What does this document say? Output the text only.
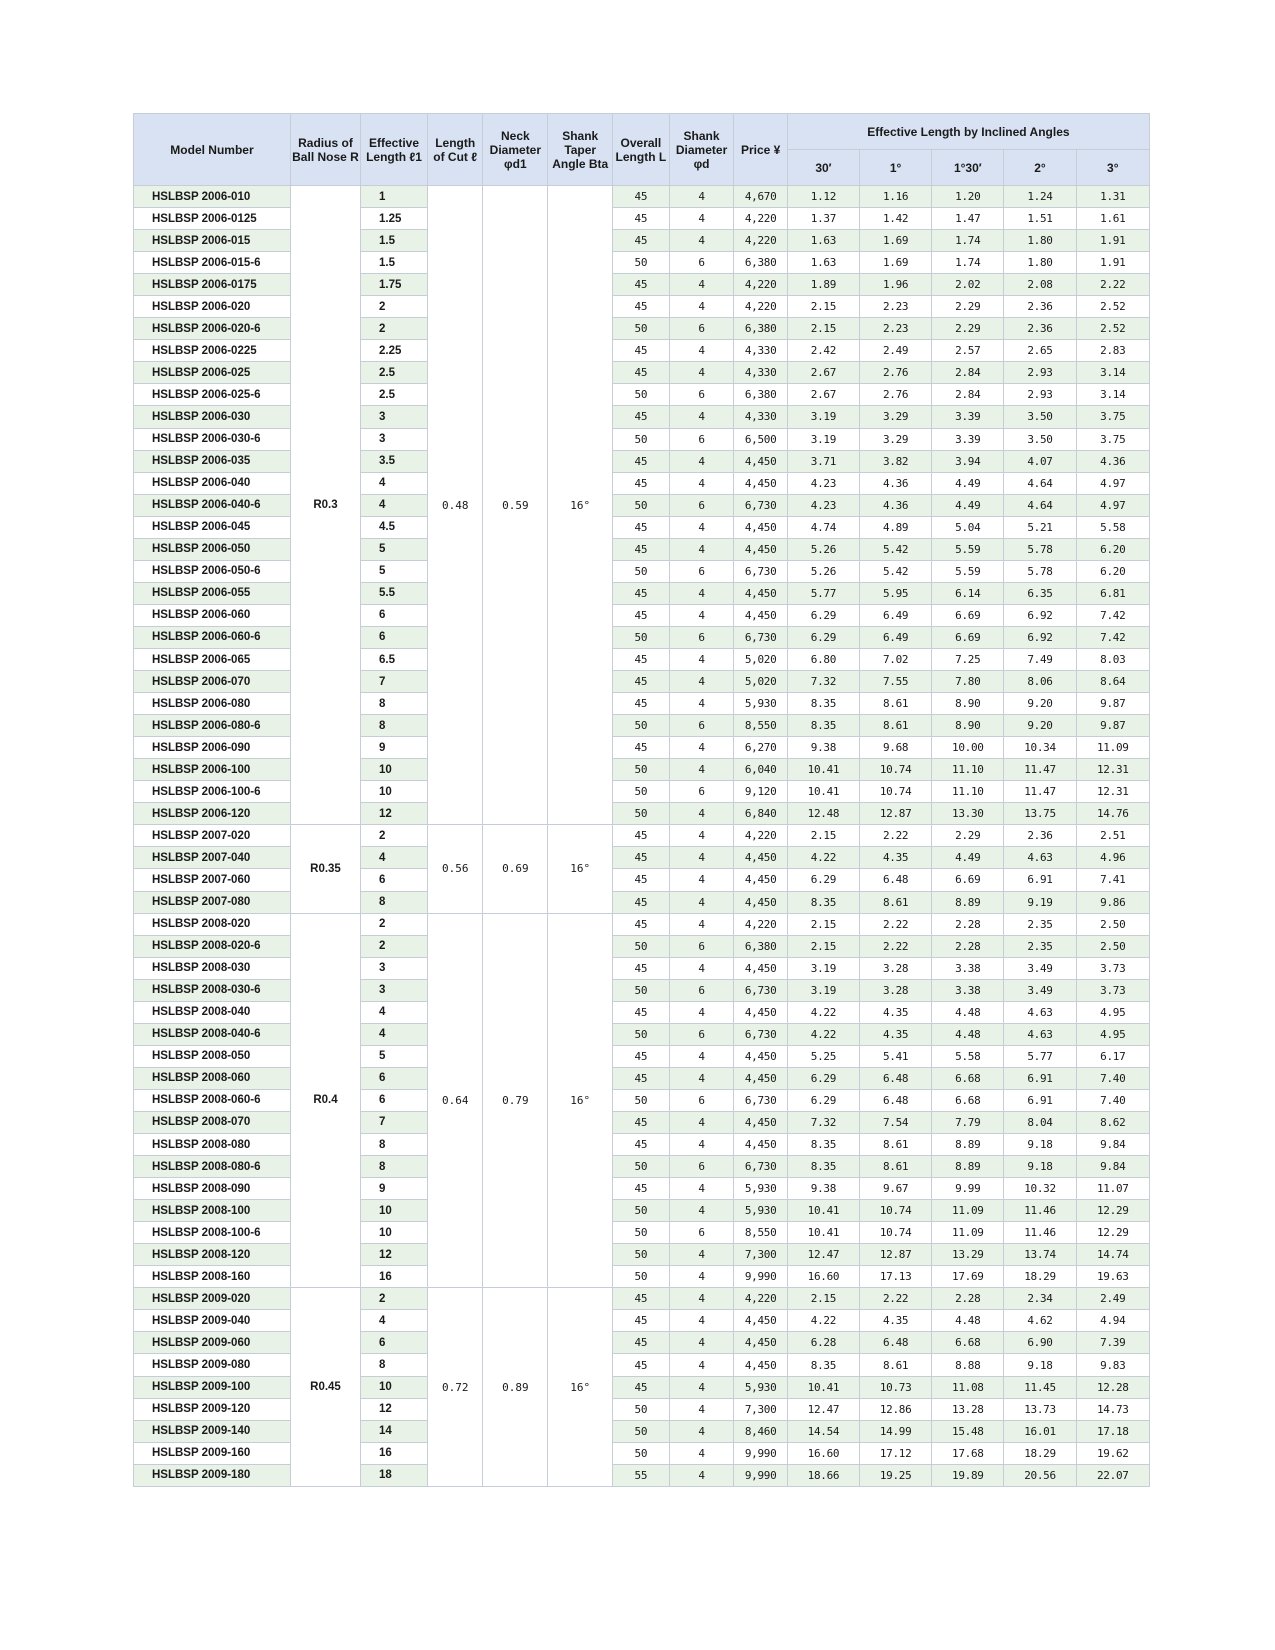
Model Number	Radius of Ball Nose R	Effective Length ℓ1	Length of Cut ℓ	Neck Diameter φd1	Shank Taper Angle Bta	Overall Length L	Shank Diameter φd	Price ¥	Effective Length by Inclined Angles				
									30′	1°	1°30′	2°	3°
HSLBSP 2006-010	R0.3	1	0.48	0.59	16°	45	4	4,670	1.12	1.16	1.20	1.24	1.31
HSLBSP 2006-0125		1.25				45	4	4,220	1.37	1.42	1.47	1.51	1.61
HSLBSP 2006-015		1.5				45	4	4,220	1.63	1.69	1.74	1.80	1.91
HSLBSP 2006-015-6		1.5				50	6	6,380	1.63	1.69	1.74	1.80	1.91
HSLBSP 2006-0175		1.75				45	4	4,220	1.89	1.96	2.02	2.08	2.22
HSLBSP 2006-020		2				45	4	4,220	2.15	2.23	2.29	2.36	2.52
HSLBSP 2006-020-6		2				50	6	6,380	2.15	2.23	2.29	2.36	2.52
HSLBSP 2006-0225		2.25				45	4	4,330	2.42	2.49	2.57	2.65	2.83
HSLBSP 2006-025		2.5				45	4	4,330	2.67	2.76	2.84	2.93	3.14
HSLBSP 2006-025-6		2.5				50	6	6,380	2.67	2.76	2.84	2.93	3.14
HSLBSP 2006-030		3				45	4	4,330	3.19	3.29	3.39	3.50	3.75
HSLBSP 2006-030-6		3				50	6	6,500	3.19	3.29	3.39	3.50	3.75
HSLBSP 2006-035		3.5				45	4	4,450	3.71	3.82	3.94	4.07	4.36
HSLBSP 2006-040		4				45	4	4,450	4.23	4.36	4.49	4.64	4.97
HSLBSP 2006-040-6		4				50	6	6,730	4.23	4.36	4.49	4.64	4.97
HSLBSP 2006-045		4.5				45	4	4,450	4.74	4.89	5.04	5.21	5.58
HSLBSP 2006-050		5				45	4	4,450	5.26	5.42	5.59	5.78	6.20
HSLBSP 2006-050-6		5				50	6	6,730	5.26	5.42	5.59	5.78	6.20
HSLBSP 2006-055		5.5				45	4	4,450	5.77	5.95	6.14	6.35	6.81
HSLBSP 2006-060		6				45	4	4,450	6.29	6.49	6.69	6.92	7.42
HSLBSP 2006-060-6		6				50	6	6,730	6.29	6.49	6.69	6.92	7.42
HSLBSP 2006-065		6.5				45	4	5,020	6.80	7.02	7.25	7.49	8.03
HSLBSP 2006-070		7				45	4	5,020	7.32	7.55	7.80	8.06	8.64
HSLBSP 2006-080		8				45	4	5,930	8.35	8.61	8.90	9.20	9.87
HSLBSP 2006-080-6		8				50	6	8,550	8.35	8.61	8.90	9.20	9.87
HSLBSP 2006-090		9				45	4	6,270	9.38	9.68	10.00	10.34	11.09
HSLBSP 2006-100		10				50	4	6,040	10.41	10.74	11.10	11.47	12.31
HSLBSP 2006-100-6		10				50	6	9,120	10.41	10.74	11.10	11.47	12.31
HSLBSP 2006-120		12				50	4	6,840	12.48	12.87	13.30	13.75	14.76
HSLBSP 2007-020	R0.35	2	0.56	0.69	16°	45	4	4,220	2.15	2.22	2.29	2.36	2.51
HSLBSP 2007-040		4				45	4	4,450	4.22	4.35	4.49	4.63	4.96
HSLBSP 2007-060		6				45	4	4,450	6.29	6.48	6.69	6.91	7.41
HSLBSP 2007-080		8				45	4	4,450	8.35	8.61	8.89	9.19	9.86
HSLBSP 2008-020	R0.4	2	0.64	0.79	16°	45	4	4,220	2.15	2.22	2.28	2.35	2.50
HSLBSP 2008-020-6		2				50	6	6,380	2.15	2.22	2.28	2.35	2.50
HSLBSP 2008-030		3				45	4	4,450	3.19	3.28	3.38	3.49	3.73
HSLBSP 2008-030-6		3				50	6	6,730	3.19	3.28	3.38	3.49	3.73
HSLBSP 2008-040		4				45	4	4,450	4.22	4.35	4.48	4.63	4.95
HSLBSP 2008-040-6		4				50	6	6,730	4.22	4.35	4.48	4.63	4.95
HSLBSP 2008-050		5				45	4	4,450	5.25	5.41	5.58	5.77	6.17
HSLBSP 2008-060		6				45	4	4,450	6.29	6.48	6.68	6.91	7.40
HSLBSP 2008-060-6		6				50	6	6,730	6.29	6.48	6.68	6.91	7.40
HSLBSP 2008-070		7				45	4	4,450	7.32	7.54	7.79	8.04	8.62
HSLBSP 2008-080		8				45	4	4,450	8.35	8.61	8.89	9.18	9.84
HSLBSP 2008-080-6		8				50	6	6,730	8.35	8.61	8.89	9.18	9.84
HSLBSP 2008-090		9				45	4	5,930	9.38	9.67	9.99	10.32	11.07
HSLBSP 2008-100		10				50	4	5,930	10.41	10.74	11.09	11.46	12.29
HSLBSP 2008-100-6		10				50	6	8,550	10.41	10.74	11.09	11.46	12.29
HSLBSP 2008-120		12				50	4	7,300	12.47	12.87	13.29	13.74	14.74
HSLBSP 2008-160		16				50	4	9,990	16.60	17.13	17.69	18.29	19.63
HSLBSP 2009-020	R0.45	2	0.72	0.89	16°	45	4	4,220	2.15	2.22	2.28	2.34	2.49
HSLBSP 2009-040		4				45	4	4,450	4.22	4.35	4.48	4.62	4.94
HSLBSP 2009-060		6				45	4	4,450	6.28	6.48	6.68	6.90	7.39
HSLBSP 2009-080		8				45	4	4,450	8.35	8.61	8.88	9.18	9.83
HSLBSP 2009-100		10				45	4	5,930	10.41	10.73	11.08	11.45	12.28
HSLBSP 2009-120		12				50	4	7,300	12.47	12.86	13.28	13.73	14.73
HSLBSP 2009-140		14				50	4	8,460	14.54	14.99	15.48	16.01	17.18
HSLBSP 2009-160		16				50	4	9,990	16.60	17.12	17.68	18.29	19.62
HSLBSP 2009-180		18				55	4	9,990	18.66	19.25	19.89	20.56	22.07
